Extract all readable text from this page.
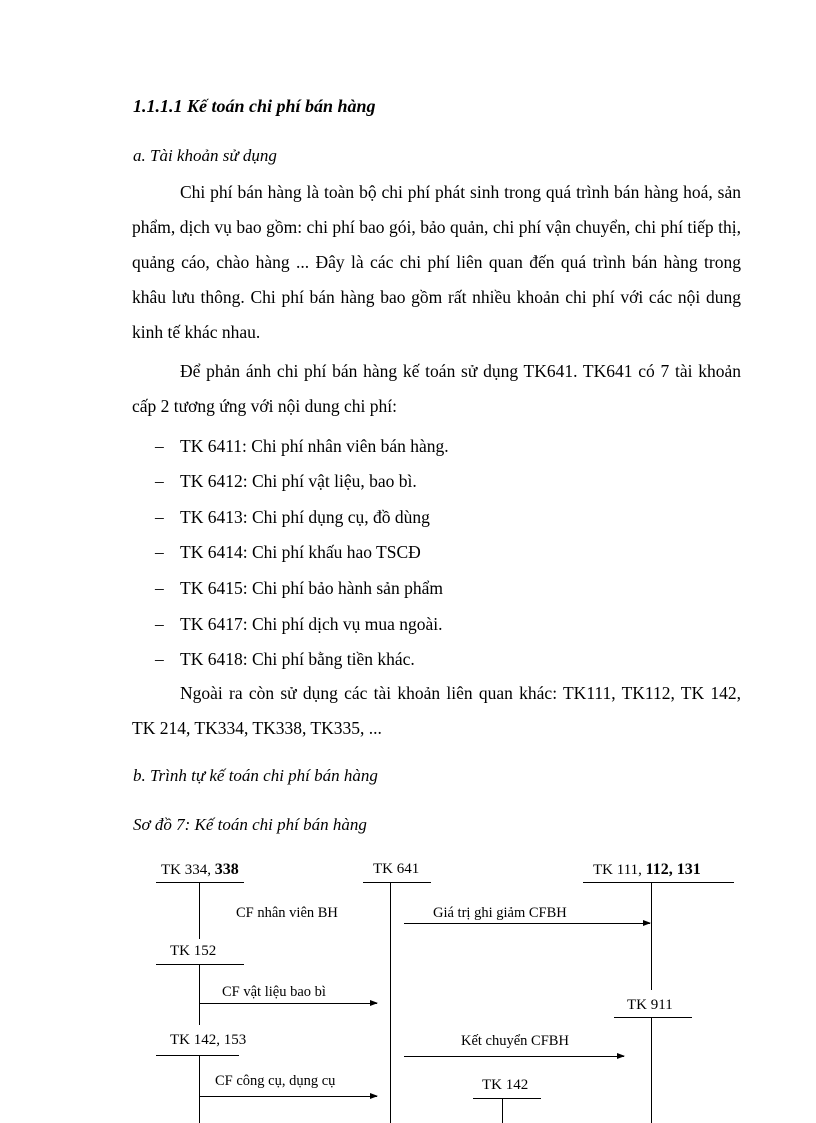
1.1.1.1 Kế toán chi phí bán hàng
a. Tài khoản sử dụng

Chi phí bán hàng là toàn bộ chi phí phát sinh trong quá trình bán hàng hoá, sản phẩm, dịch vụ bao gồm: chi phí bao gói, bảo quản, chi phí vận chuyển, chi phí tiếp thị, quảng cáo, chào hàng ... Đây là các chi phí liên quan đến quá trình bán hàng trong khâu lưu thông. Chi phí bán hàng bao gồm rất nhiều khoản chi phí với các nội dung kinh tế khác nhau.

Để phản ánh chi phí bán hàng kế toán sử dụng TK641. TK641 có 7 tài khoản cấp 2 tương ứng với nội dung chi phí:

– TK 6411: Chi phí nhân viên bán hàng.
– TK 6412: Chi phí vật liệu, bao bì.
– TK 6413: Chi phí dụng cụ, đồ dùng
– TK 6414: Chi phí khấu hao TSCĐ
– TK 6415: Chi phí bảo hành sản phẩm
– TK 6417: Chi phí dịch vụ mua ngoài.
– TK 6418: Chi phí bằng tiền khác.

Ngoài ra còn sử dụng các tài khoản liên quan khác: TK111, TK112, TK 142, TK 214, TK334, TK338, TK335, ...

b. Trình tự kế toán chi phí bán hàng
Sơ đồ 7: Kế toán chi phí bán hàng
TK 334, 338	TK 641	TK 111, 112, 131
CF nhân viên BH	Giá trị ghi giảm CFBH
TK 152
CF vật liệu bao bì
TK 911
TK 142, 153	Kết chuyển CFBH
CF công cụ, dụng cụ	TK 142
